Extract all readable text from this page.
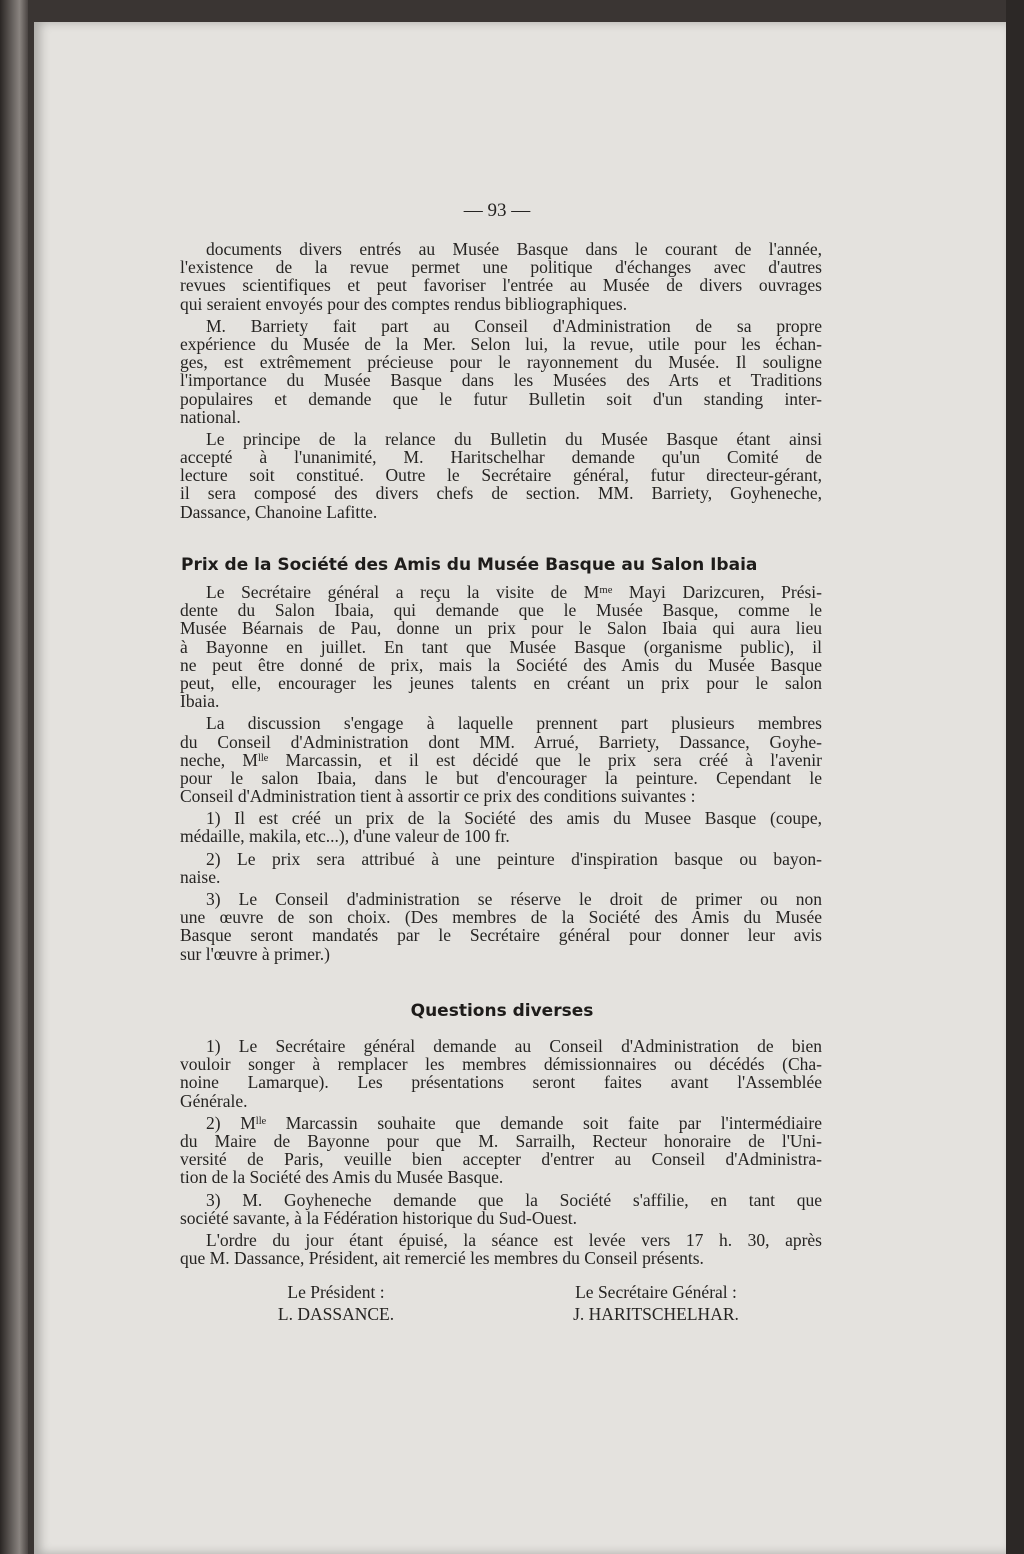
— 93 —
documents divers entrés au Musée Basque dans le courant de l'année,
l'existence de la revue permet une politique d'échanges avec d'autres
revues scientifiques et peut favoriser l'entrée au Musée de divers ouvrages
qui seraient envoyés pour des comptes rendus bibliographiques.
M. Barriety fait part au Conseil d'Administration de sa propre
expérience du Musée de la Mer. Selon lui, la revue, utile pour les échan-
ges, est extrêmement précieuse pour le rayonnement du Musée. Il souligne
l'importance du Musée Basque dans les Musées des Arts et Traditions
populaires et demande que le futur Bulletin soit d'un standing inter-
national.
Le principe de la relance du Bulletin du Musée Basque étant ainsi
accepté à l'unanimité, M. Haritschelhar demande qu'un Comité de
lecture soit constitué. Outre le Secrétaire général, futur directeur-gérant,
il sera composé des divers chefs de section. MM. Barriety, Goyheneche,
Dassance, Chanoine Lafitte.
Prix de la Société des Amis du Musée Basque au Salon Ibaia
Le Secrétaire général a reçu la visite de Mᵐᵉ Mayi Darizcuren, Prési-
dente du Salon Ibaia, qui demande que le Musée Basque, comme le
Musée Béarnais de Pau, donne un prix pour le Salon Ibaia qui aura lieu
à Bayonne en juillet. En tant que Musée Basque (organisme public), il
ne peut être donné de prix, mais la Société des Amis du Musée Basque
peut, elle, encourager les jeunes talents en créant un prix pour le salon
Ibaia.
La discussion s'engage à laquelle prennent part plusieurs membres
du Conseil d'Administration dont MM. Arrué, Barriety, Dassance, Goyhe-
neche, Mˡˡᵉ Marcassin, et il est décidé que le prix sera créé à l'avenir
pour le salon Ibaia, dans le but d'encourager la peinture. Cependant le
Conseil d'Administration tient à assortir ce prix des conditions suivantes :
1) Il est créé un prix de la Société des amis du Musee Basque (coupe,
médaille, makila, etc...), d'une valeur de 100 fr.
2) Le prix sera attribué à une peinture d'inspiration basque ou bayon-
naise.
3) Le Conseil d'administration se réserve le droit de primer ou non
une œuvre de son choix. (Des membres de la Société des Amis du Musée
Basque seront mandatés par le Secrétaire général pour donner leur avis
sur l'œuvre à primer.)
Questions diverses
1) Le Secrétaire général demande au Conseil d'Administration de bien
vouloir songer à remplacer les membres démissionnaires ou décédés (Cha-
noine Lamarque). Les présentations seront faites avant l'Assemblée
Générale.
2) Mˡˡᵉ Marcassin souhaite que demande soit faite par l'intermédiaire
du Maire de Bayonne pour que M. Sarrailh, Recteur honoraire de l'Uni-
versité de Paris, veuille bien accepter d'entrer au Conseil d'Administra-
tion de la Société des Amis du Musée Basque.
3) M. Goyheneche demande que la Société s'affilie, en tant que
société savante, à la Fédération historique du Sud-Ouest.
L'ordre du jour étant épuisé, la séance est levée vers 17 h. 30, après
que M. Dassance, Président, ait remercié les membres du Conseil présents.
Le Président :
L. DASSANCE.
Le Secrétaire Général :
J. HARITSCHELHAR.
